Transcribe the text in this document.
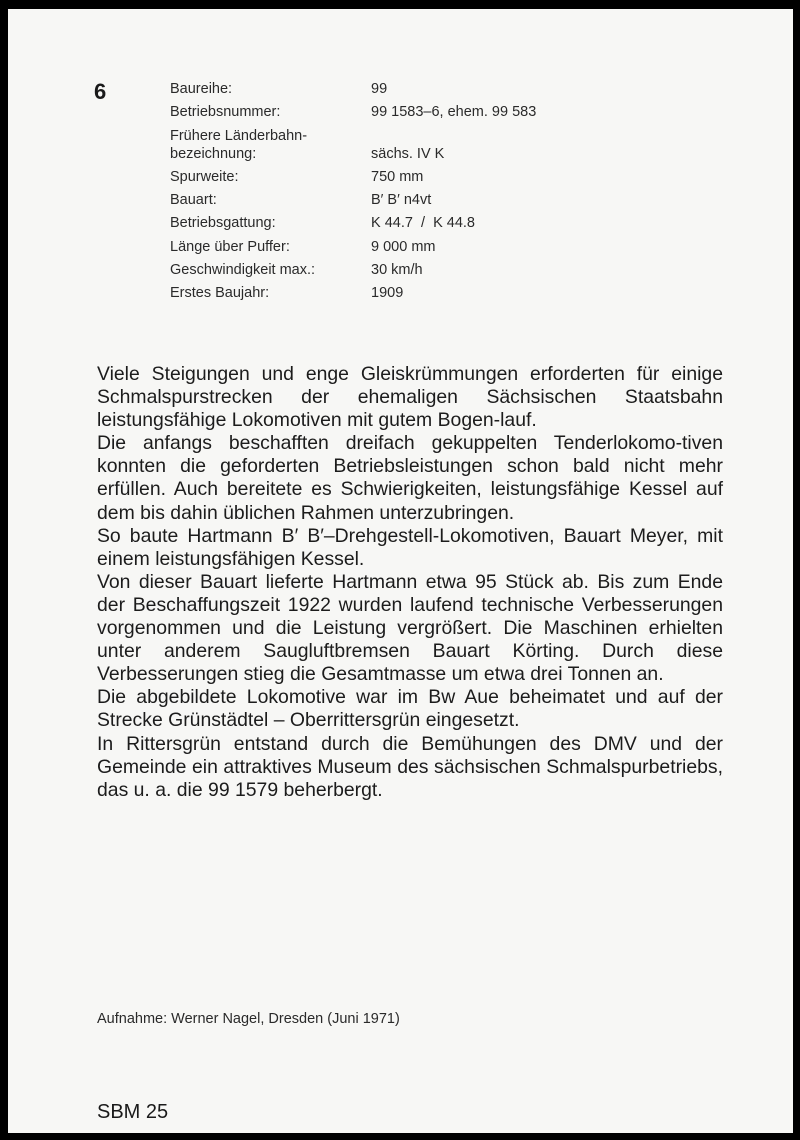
6	Baureihe:	99
Betriebsnummer:	99 1583–6, ehem. 99 583
Frühere Länderbahn-
bezeichnung:	sächs. IV K
Spurweite:	750 mm
Bauart:	B′ B′ n4vt
Betriebsgattung:	K 44.7  /  K 44.8
Länge über Puffer:	9 000 mm
Geschwindigkeit max.:	30 km/h
Erstes Baujahr:	1909

Viele Steigungen und enge Gleiskrümmungen erforderten für einige Schmalspurstrecken der ehemaligen Sächsischen Staatsbahn leistungsfähige Lokomotiven mit gutem Bogen-lauf.

Die anfangs beschafften dreifach gekuppelten Tenderlokomo-tiven konnten die geforderten Betriebsleistungen schon bald nicht mehr erfüllen. Auch bereitete es Schwierigkeiten, leistungsfähige Kessel auf dem bis dahin üblichen Rahmen unterzubringen.

So baute Hartmann B′ B′–Drehgestell-Lokomotiven, Bauart Meyer, mit einem leistungsfähigen Kessel.

Von dieser Bauart lieferte Hartmann etwa 95 Stück ab. Bis zum Ende der Beschaffungszeit 1922 wurden laufend technische Verbesserungen vorgenommen und die Leistung vergrößert. Die Maschinen erhielten unter anderem Saugluftbremsen Bauart Körting. Durch diese Verbesserungen stieg die Gesamtmasse um etwa drei Tonnen an.

Die abgebildete Lokomotive war im Bw Aue beheimatet und auf der Strecke Grünstädtel – Oberrittersgrün eingesetzt.

In Rittersgrün entstand durch die Bemühungen des DMV und der Gemeinde ein attraktives Museum des sächsischen Schmalspurbetriebs, das u. a. die 99 1579 beherbergt.

Aufnahme: Werner Nagel, Dresden (Juni 1971)
SBM 25
